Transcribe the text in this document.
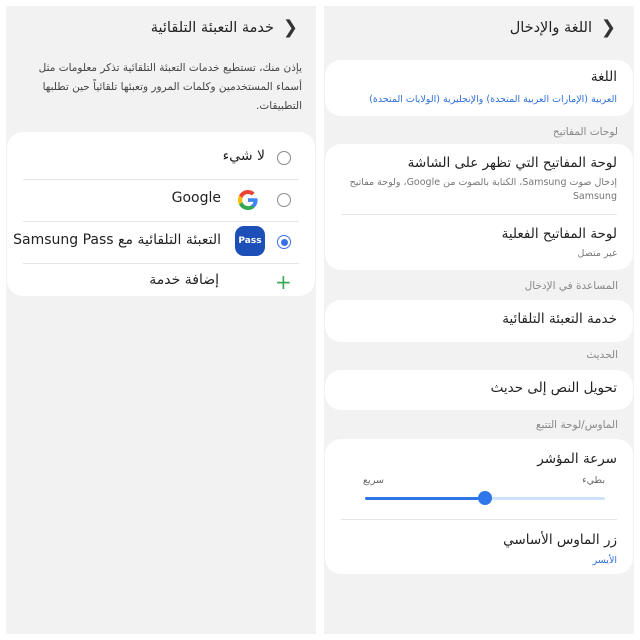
❮
خدمة التعبئة التلقائية
يإذن منك، تستطيع خدمات التعبئة التلقائية تذكر معلومات مثل أسماء المستخدمين وكلمات المرور وتعبئها تلقائياً حين تطلبها التطبيقات.
لا شيء
Google
Pass
التعبئة التلقائية مع Samsung Pass
إضافة خدمة	+
❮
اللغة والإدخال
اللغة
العربية (الإمارات العربية المتحدة) والإنجليزية (الولايات المتحدة)
لوحات المفاتيح
لوحة المفاتيح التي تظهر على الشاشة
إدخال صوت Samsung، الكتابة بالصوت من Google، ولوحة مفاتيح Samsung
لوحة المفاتيح الفعلية
غير متصل
المساعدة في الإدخال
خدمة التعبئة التلقائية
الحديث
تحويل النص إلى حديث
الماوس/لوحة التتبع
سرعة المؤشر
بطيء
سريع
زر الماوس الأساسي
الأيسر
